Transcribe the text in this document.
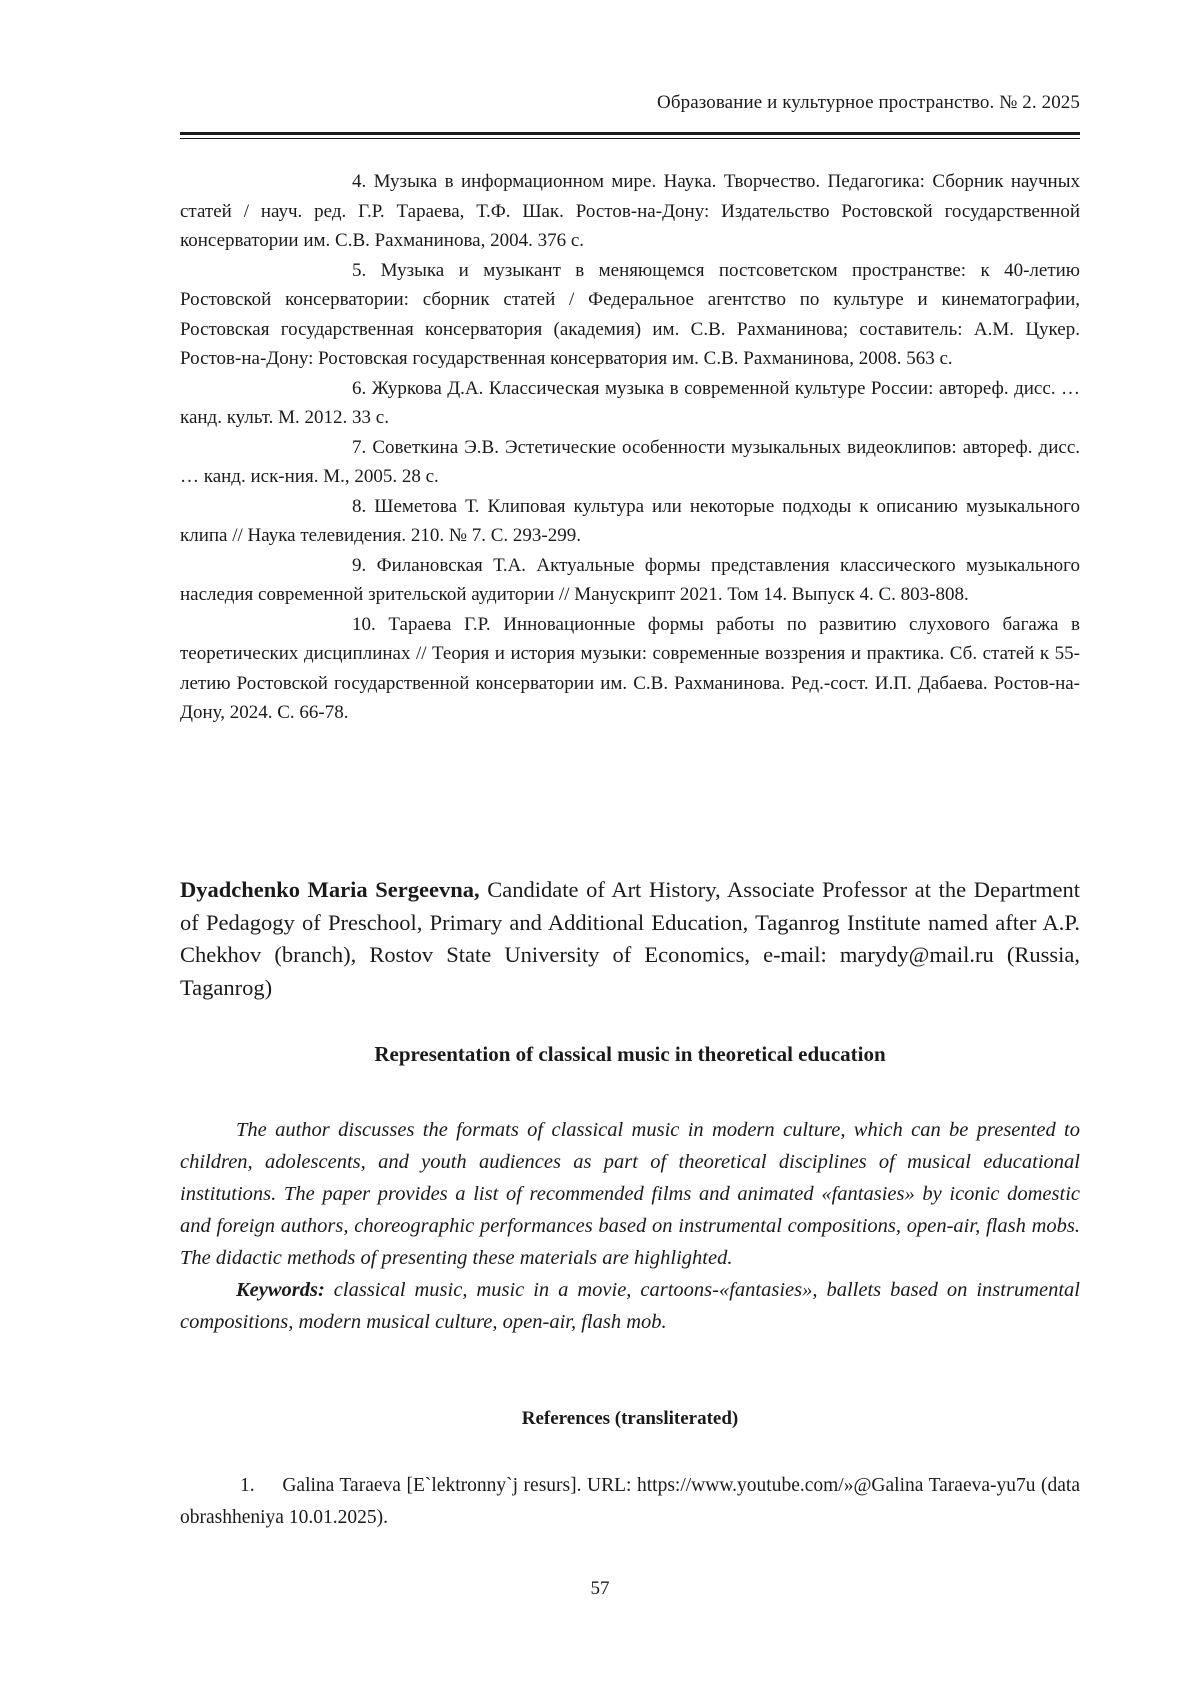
Образование и культурное пространство. № 2. 2025

4. Музыка в информационном мире. Наука. Творчество. Педагогика: Сборник научных статей / науч. ред. Г.Р. Тараева, Т.Ф. Шак. Ростов-на-Дону: Издательство Ростовской государственной консерватории им. С.В. Рахманинова, 2004. 376 с.

5. Музыка и музыкант в меняющемся постсоветском пространстве: к 40-летию Ростовской консерватории: сборник статей / Федеральное агентство по культуре и кинематографии, Ростовская государственная консерватория (академия) им. С.В. Рахманинова; составитель: А.М. Цукер. Ростов-на-Дону: Ростовская государственная консерватория им. С.В. Рахманинова, 2008. 563 с.

6. Журкова Д.А. Классическая музыка в современной культуре России: автореф. дисс. … канд. культ. М. 2012. 33 с.

7. Советкина Э.В. Эстетические особенности музыкальных видеоклипов: автореф. дисс. … канд. иск-ния. М., 2005. 28 с.

8. Шеметова Т. Клиповая культура или некоторые подходы к описанию музыкального клипа // Наука телевидения. 210. № 7. С. 293-299.

9. Филановская Т.А. Актуальные формы представления классического музыкального наследия современной зрительской аудитории // Манускрипт 2021. Том 14. Выпуск 4. С. 803-808.

10. Тараева Г.Р. Инновационные формы работы по развитию слухового багажа в теоретических дисциплинах // Теория и история музыки: современные воззрения и практика. Сб. статей к 55-летию Ростовской государственной консерватории им. С.В. Рахманинова. Ред.-сост. И.П. Дабаева. Ростов-на-Дону, 2024. С. 66-78.

Dyadchenko Maria Sergeevna, Candidate of Art History, Associate Professor at the Department of Pedagogy of Preschool, Primary and Additional Education, Taganrog Institute named after A.P. Chekhov (branch), Rostov State University of Economics, e-mail: marydy@mail.ru (Russia, Taganrog)
Representation of classical music in theoretical education

The author discusses the formats of classical music in modern culture, which can be presented to children, adolescents, and youth audiences as part of theoretical disciplines of musical educational institutions. The paper provides a list of recommended films and animated «fantasies» by iconic domestic and foreign authors, choreographic performances based on instrumental compositions, open-air, flash mobs. The didactic methods of presenting these materials are highlighted.

Keywords: classical music, music in a movie, cartoons-«fantasies», ballets based on instrumental compositions, modern musical culture, open-air, flash mob.

References (transliterated)

1. Galina Taraeva [E`lektronny`j resurs]. URL: https://www.youtube.com/»@Galina Taraeva-yu7u (data obrashheniya 10.01.2025).

57
